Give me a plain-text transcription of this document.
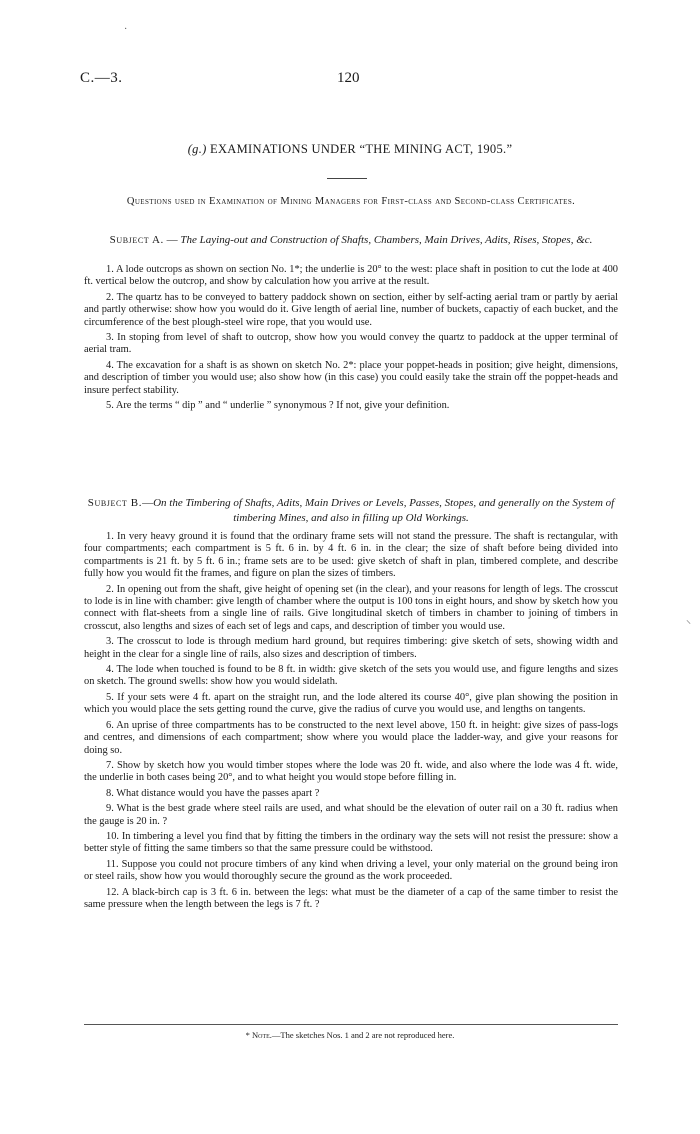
C.—3.	120
(g.) EXAMINATIONS UNDER “THE MINING ACT, 1905.”
Questions used in Examination of Mining Managers for First-class and Second-class Certificates.
Subject A. — The Laying-out and Construction of Shafts, Chambers, Main Drives, Adits, Rises, Stopes, &c.

1. A lode outcrops as shown on section No. 1*; the underlie is 20° to the west: place shaft in position to cut the lode at 400 ft. vertical below the outcrop, and show by calculation how you arrive at the result.

2. The quartz has to be conveyed to battery paddock shown on section, either by self-acting aerial tram or partly by aerial and partly otherwise: show how you would do it. Give length of aerial line, number of buckets, capactiy of each bucket, and the circumference of the best plough-steel wire rope, that you would use.

3. In stoping from level of shaft to outcrop, show how you would convey the quartz to paddock at the upper terminal of aerial tram.

4. The excavation for a shaft is as shown on sketch No. 2*: place your poppet-heads in position; give height, dimensions, and description of timber you would use; also show how (in this case) you could easily take the strain off the poppet-heads and insure perfect stability.

5. Are the terms “ dip ” and “ underlie ” synonymous ? If not, give your definition.

Subject B.—On the Timbering of Shafts, Adits, Main Drives or Levels, Passes, Stopes, and generally on the System of timbering Mines, and also in filling up Old Workings.

1. In very heavy ground it is found that the ordinary frame sets will not stand the pressure. The shaft is rectangular, with four compartments; each compartment is 5 ft. 6 in. by 4 ft. 6 in. in the clear; the size of shaft before being divided into compartments is 21 ft. by 5 ft. 6 in.; frame sets are to be used: give sketch of shaft in plan, timbered complete, and describe fully how you would fit the frames, and figure on plan the sizes of timbers.

2. In opening out from the shaft, give height of opening set (in the clear), and your reasons for length of legs. The crosscut to lode is in line with chamber: give length of chamber where the output is 100 tons in eight hours, and show by sketch how you connect with flat-sheets from a single line of rails. Give longitudinal sketch of timbers in chamber to joining of timbers in crosscut, also lengths and sizes of each set of legs and caps, and description of timber you would use.

3. The crosscut to lode is through medium hard ground, but requires timbering: give sketch of sets, showing width and height in the clear for a single line of rails, also sizes and description of timbers.

4. The lode when touched is found to be 8 ft. in width: give sketch of the sets you would use, and figure lengths and sizes on sketch. The ground swells: show how you would sidelath.

5. If your sets were 4 ft. apart on the straight run, and the lode altered its course 40°, give plan showing the position in which you would place the sets getting round the curve, give the radius of curve you would use, and lengths on tangents.

6. An uprise of three compartments has to be constructed to the next level above, 150 ft. in height: give sizes of pass-logs and centres, and dimensions of each compartment; show where you would place the ladder-way, and give your reasons for doing so.

7. Show by sketch how you would timber stopes where the lode was 20 ft. wide, and also where the lode was 4 ft. wide, the underlie in both cases being 20°, and to what height you would stope before filling in.

8. What distance would you have the passes apart ?

9. What is the best grade where steel rails are used, and what should be the elevation of outer rail on a 30 ft. radius when the gauge is 20 in. ?

10. In timbering a level you find that by fitting the timbers in the ordinary way the sets will not resist the pressure: show a better style of fitting the same timbers so that the same pressure could be withstood.

11. Suppose you could not procure timbers of any kind when driving a level, your only material on the ground being iron or steel rails, show how you would thoroughly secure the ground as the work proceeded.

12. A black-birch cap is 3 ft. 6 in. between the legs: what must be the diameter of a cap of the same timber to resist the same pressure when the length between the legs is 7 ft. ?

* Note.—The sketches Nos. 1 and 2 are not reproduced here.
·
⸜
